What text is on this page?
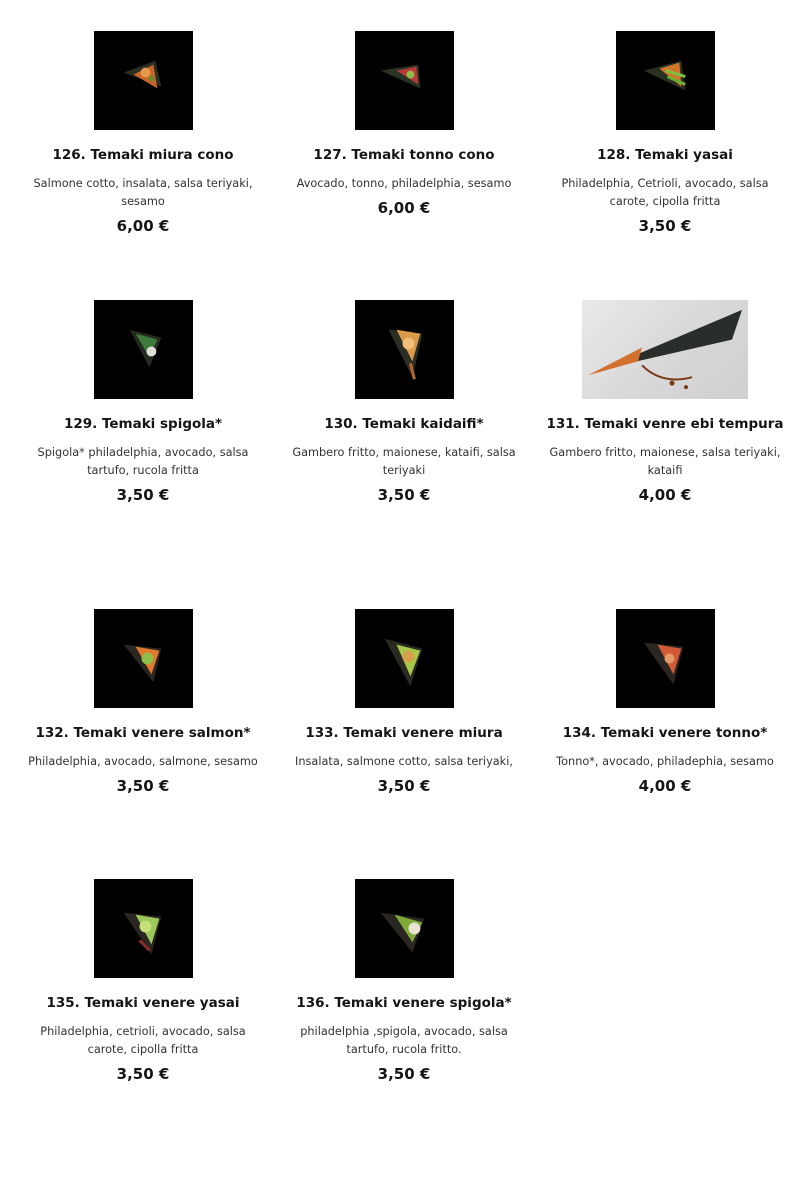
126. Temaki miura cono
Salmone cotto, insalata, salsa teriyaki, sesamo
6,00 €
127. Temaki tonno cono
Avocado, tonno, philadelphia, sesamo
6,00 €
128. Temaki yasai
Philadelphia, Cetrioli, avocado, salsa carote, cipolla fritta
3,50 €
129. Temaki spigola*
Spigola* philadelphia, avocado, salsa tartufo, rucola fritta
3,50 €
130. Temaki kaidaifi*
Gambero fritto, maionese, kataifi, salsa teriyaki
3,50 €
131. Temaki venre ebi tempura
Gambero fritto, maionese, salsa teriyaki, kataifi
4,00 €
132. Temaki venere salmon*
Philadelphia, avocado, salmone, sesamo
3,50 €
133. Temaki venere miura
Insalata, salmone cotto, salsa teriyaki,
3,50 €
134. Temaki venere tonno*
Tonno*, avocado, philadephia, sesamo
4,00 €
135. Temaki venere yasai
Philadelphia, cetrioli, avocado, salsa carote, cipolla fritta
3,50 €
136. Temaki venere spigola*
philadelphia ,spigola, avocado, salsa tartufo, rucola fritto.
3,50 €
